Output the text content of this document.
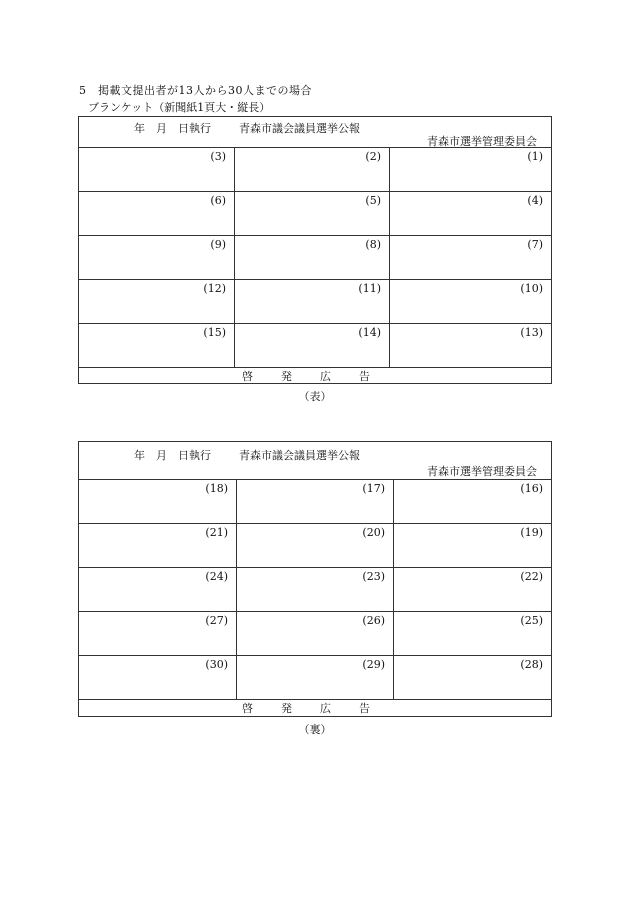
5　掲載文提出者が13人から30人までの場合
ブランケット（新聞紙1頁大・縦長）
年　月　日執行	青森市議会議員選挙公報
青森市選挙管理委員会
(3)	(2)	(1)
(6)	(5)	(4)
(9)	(8)	(7)
(12)	(11)	(10)
(15)	(14)	(13)
啓発広告
（表）
年　月　日執行	青森市議会議員選挙公報
青森市選挙管理委員会
(18)	(17)	(16)
(21)	(20)	(19)
(24)	(23)	(22)
(27)	(26)	(25)
(30)	(29)	(28)
啓発広告
（裏）
